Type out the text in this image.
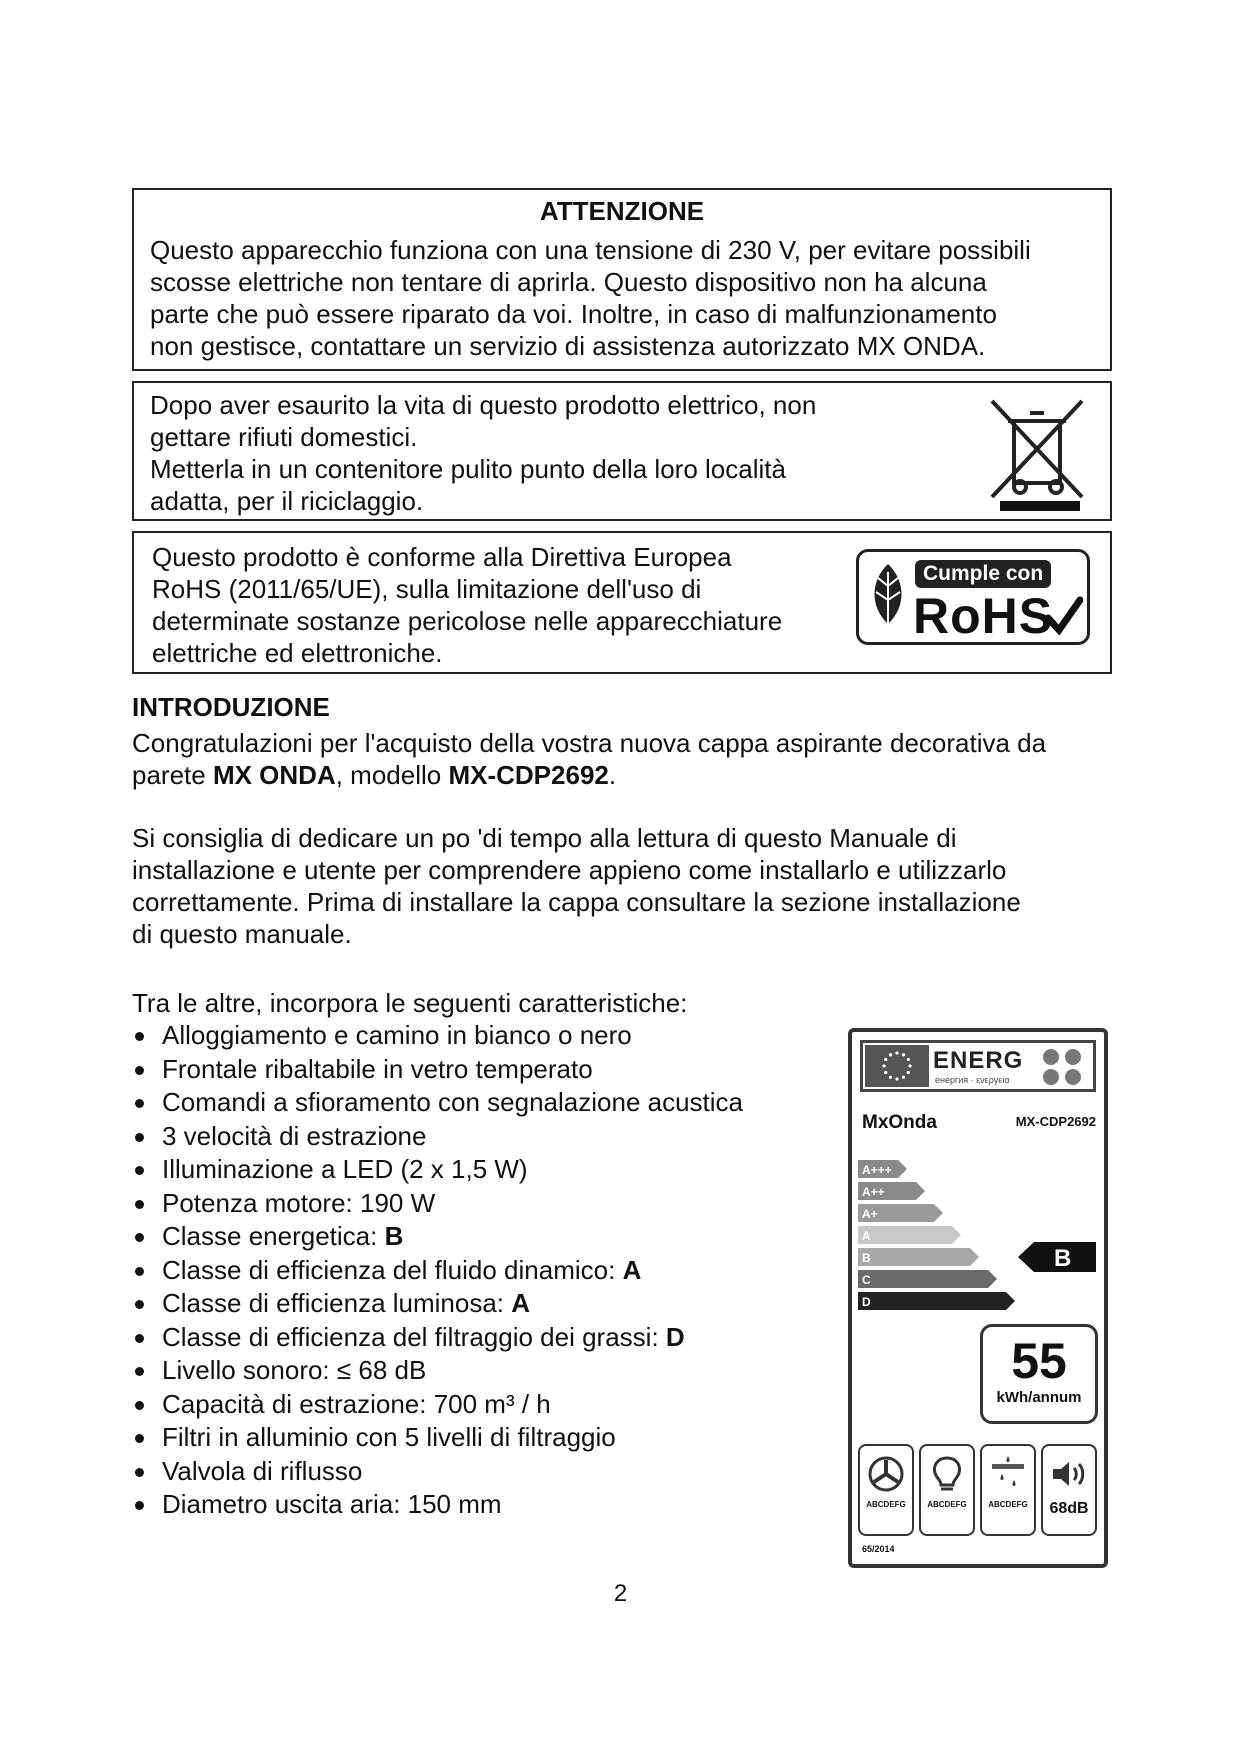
ATTENZIONE

Questo apparecchio funziona con una tensione di 230 V, per evitare possibili

scosse elettriche non tentare di aprirla. Questo dispositivo non ha alcuna

parte che può essere riparato da voi. Inoltre, in caso di malfunzionamento

non gestisce, contattare un servizio di assistenza autorizzato MX ONDA.

Dopo aver esaurito la vita di questo prodotto elettrico, non

gettare rifiuti domestici.

Metterla in un contenitore pulito punto della loro località

adatta, per il riciclaggio.

Questo prodotto è conforme alla Direttiva Europea

RoHS (2011/65/UE), sulla limitazione dell'uso di

determinate sostanze pericolose nelle apparecchiature

elettriche ed elettroniche.

Cumple con
RoHS
INTRODUZIONE
Congratulazioni per l'acquisto della vostra nuova cappa aspirante decorativa da
parete MX ONDA, modello MX-CDP2692.
Si consiglia di dedicare un po 'di tempo alla lettura di questo Manuale di
installazione e utente per comprendere appieno come installarlo e utilizzarlo
correttamente. Prima di installare la cappa consultare la sezione installazione
di questo manuale.
Tra le altre, incorpora le seguenti caratteristiche:
Alloggiamento e camino in bianco o nero
Frontale ribaltabile in vetro temperato
Comandi a sfioramento con segnalazione acustica
3 velocità di estrazione
Illuminazione a LED (2 x 1,5 W)
Potenza motore: 190 W
Classe energetica: B
Classe di efficienza del fluido dinamico: A
Classe di efficienza luminosa: A
Classe di efficienza del filtraggio dei grassi: D
Livello sonoro: ≤ 68 dB
Capacità di estrazione: 700 m³ / h
Filtri in alluminio con 5 livelli di filtraggio
Valvola di riflusso
Diametro uscita aria: 150 mm
ENERG
енергия · ενεργεια
MxOnda	MX-CDP2692
A+++
A++
A+
A
B
C
D
B
55
kWh/annum
ABCDEFG	ABCDEFG	ABCDEFG	68dB
65/2014
2
